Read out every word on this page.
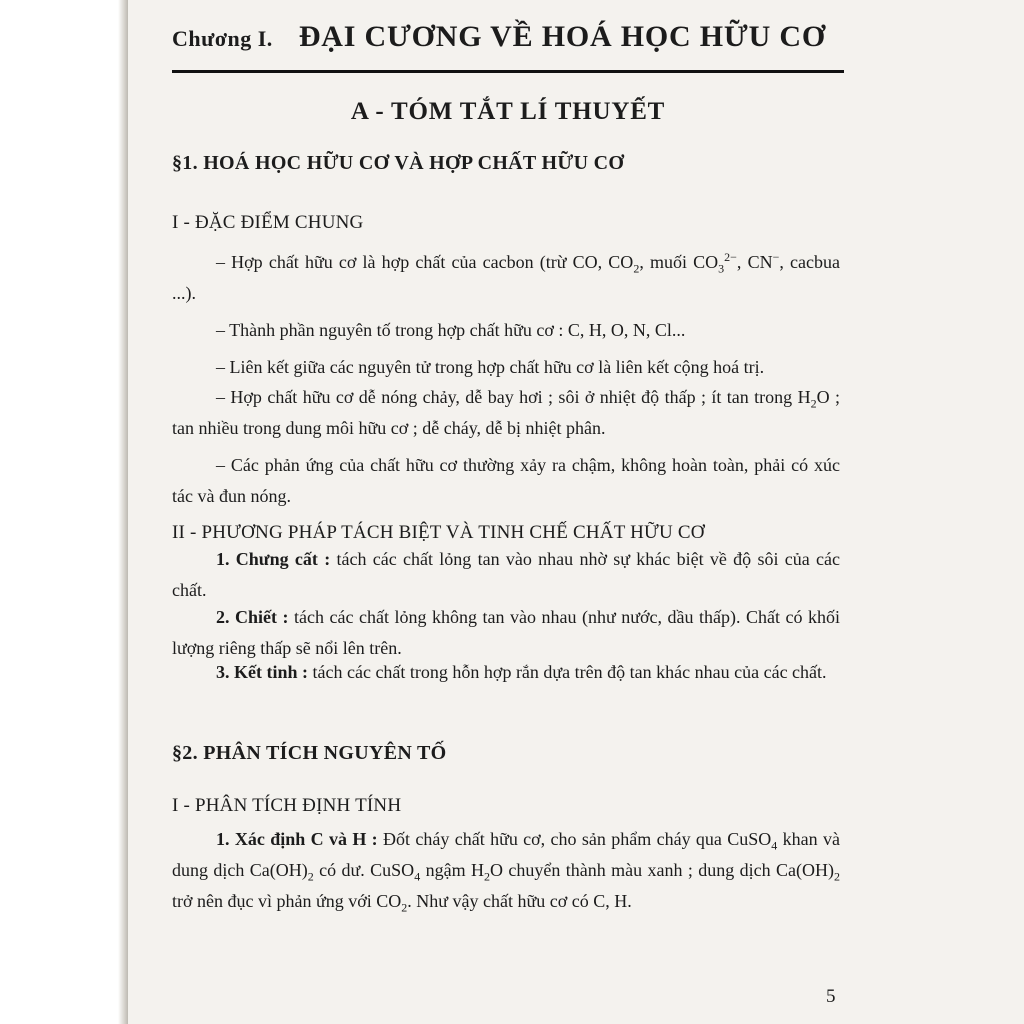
Chương I. ĐẠI CƯƠNG VỀ HOÁ HỌC HỮU CƠ
A - TÓM TẮT LÍ THUYẾT
§1. HOÁ HỌC HỮU CƠ VÀ HỢP CHẤT HỮU CƠ
I - ĐẶC ĐIỂM CHUNG
– Hợp chất hữu cơ là hợp chất của cacbon (trừ CO, $CO_2$, muối $CO_3^{2-}$, CN−, cacbua ...).
– Thành phần nguyên tố trong hợp chất hữu cơ : C, H, O, N, Cl...
– Liên kết giữa các nguyên tử trong hợp chất hữu cơ là liên kết cộng hoá trị.
– Hợp chất hữu cơ dễ nóng chảy, dễ bay hơi ; sôi ở nhiệt độ thấp ; ít tan trong $H_2O$ ; tan nhiều trong dung môi hữu cơ ; dễ cháy, dễ bị nhiệt phân.
– Các phản ứng của chất hữu cơ thường xảy ra chậm, không hoàn toàn, phải có xúc tác và đun nóng.
II - PHƯƠNG PHÁP TÁCH BIỆT VÀ TINH CHẾ CHẤT HỮU CƠ
1. Chưng cất : tách các chất lỏng tan vào nhau nhờ sự khác biệt về độ sôi của các chất.
2. Chiết : tách các chất lỏng không tan vào nhau (như nước, dầu thấp). Chất có khối lượng riêng thấp sẽ nổi lên trên.
3. Kết tinh : tách các chất trong hỗn hợp rắn dựa trên độ tan khác nhau của các chất.
§2. PHÂN TÍCH NGUYÊN TỐ
I - PHÂN TÍCH ĐỊNH TÍNH
1. Xác định C và H : Đốt cháy chất hữu cơ, cho sản phẩm cháy qua CuSO$_4$ khan và dung dịch $Ca(OH)_2$ có dư. CuSO$_4$ ngậm $H_2O$ chuyển thành màu xanh ; dung dịch $Ca(OH)_2$ trở nên đục vì phản ứng với $CO_2$. Như vậy chất hữu cơ có C, H.
5
